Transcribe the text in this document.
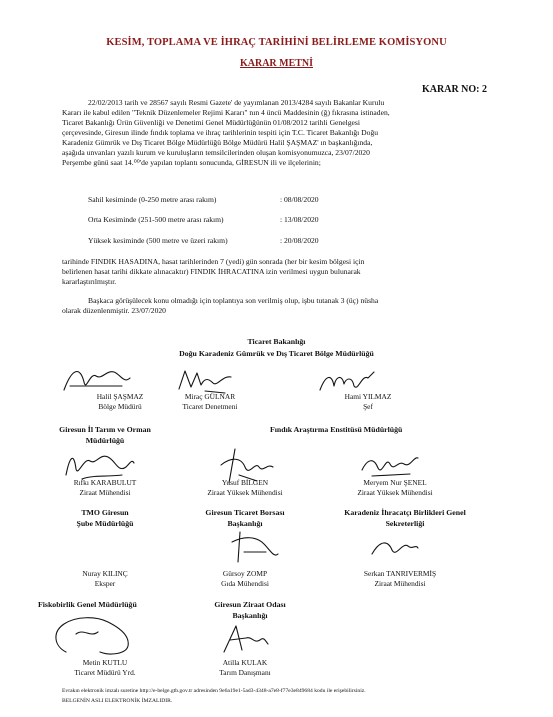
KESİM, TOPLAMA VE İHRAÇ TARİHİNİ BELİRLEME KOMİSYONU
KARAR METNİ
KARAR NO: 2
22/02/2013 tarih ve 28567 sayılı Resmi Gazete' de yayımlanan 2013/4284 sayılı Bakanlar Kurulu
Kararı ile kabul edilen "Teknik Düzenlemeler Rejimi Kararı" nın 4 üncü Maddesinin (ğ) fıkrasına istinaden,
Ticaret Bakanlığı Ürün Güvenliği ve Denetimi Genel Müdürlüğünün 01/08/2012 tarihli Genelgesi
çerçevesinde, Giresun ilinde fındık toplama ve ihraç tarihlerinin tespiti için T.C. Ticaret Bakanlığı Doğu
Karadeniz Gümrük ve Dış Ticaret Bölge Müdürlüğü Bölge Müdürü Halil ŞAŞMAZ' ın başkanlığında,
aşağıda unvanları yazılı kurum ve kuruluşların temsilcilerinden oluşan komisyonumuzca, 23/07/2020
Perşembe günü saat 14.⁰⁰'de yapılan toplantı sonucunda, GİRESUN ili ve ilçelerinin;
Sahil kesiminde (0-250 metre arası rakım)	: 08/08/2020
Orta Kesiminde (251-500 metre arası rakım)	: 13/08/2020
Yüksek kesiminde (500 metre ve üzeri rakım)	: 20/08/2020
tarihinde FINDIK HASADINA, hasat tarihlerinden 7 (yedi) gün sonrada (her bir kesim bölgesi için
belirlenen hasat tarihi dikkate alınacaktır) FINDIK İHRACATINA izin verilmesi uygun bulunarak
kararlaştırılmıştır.
Başkaca görüşülecek konu olmadığı için toplantıya son verilmiş olup, işbu tutanak 3 (üç) nüsha
olarak düzenlenmiştir. 23/07/2020
Ticaret Bakanlığı
Doğu Karadeniz Gümrük ve Dış Ticaret Bölge Müdürlüğü
Halil ŞAŞMAZ
Bölge Müdürü
Miraç GÜLNAR
Ticaret Denetmeni
Hami YILMAZ
Şef
Giresun İl Tarım ve Orman
Müdürlüğü
Fındık Araştırma Enstitüsü Müdürlüğü
Rıfkı KARABULUT
Ziraat Mühendisi
Yusuf BİLGEN
Ziraat Yüksek Mühendisi
Meryem Nur ŞENEL
Ziraat Yüksek Mühendisi
TMO Giresun
Şube Müdürlüğü
Giresun Ticaret Borsası
Başkanlığı
Karadeniz İhracatçı Birlikleri Genel
Sekreterliği
Nuray KILINÇ
Eksper
Gürsoy ZOMP
Gıda Mühendisi
Serkan TANRIVERMİŞ
Ziraat Mühendisi
Fiskobirlik Genel Müdürlüğü	Giresun Ziraat Odası
Başkanlığı
Metin KUTLU
Ticaret Müdürü Yrd.
Atilla KULAK
Tarım Danışmanı
Evrakın elektronik imzalı suretine http://e-belge.gtb.gov.tr adresinden 9e6a19e1-5ad3-4348-a7e8-f77e3e849684 kodu ile erişebilirsiniz.
BELGENİN ASLI ELEKTRONİK İMZALIDIR.
